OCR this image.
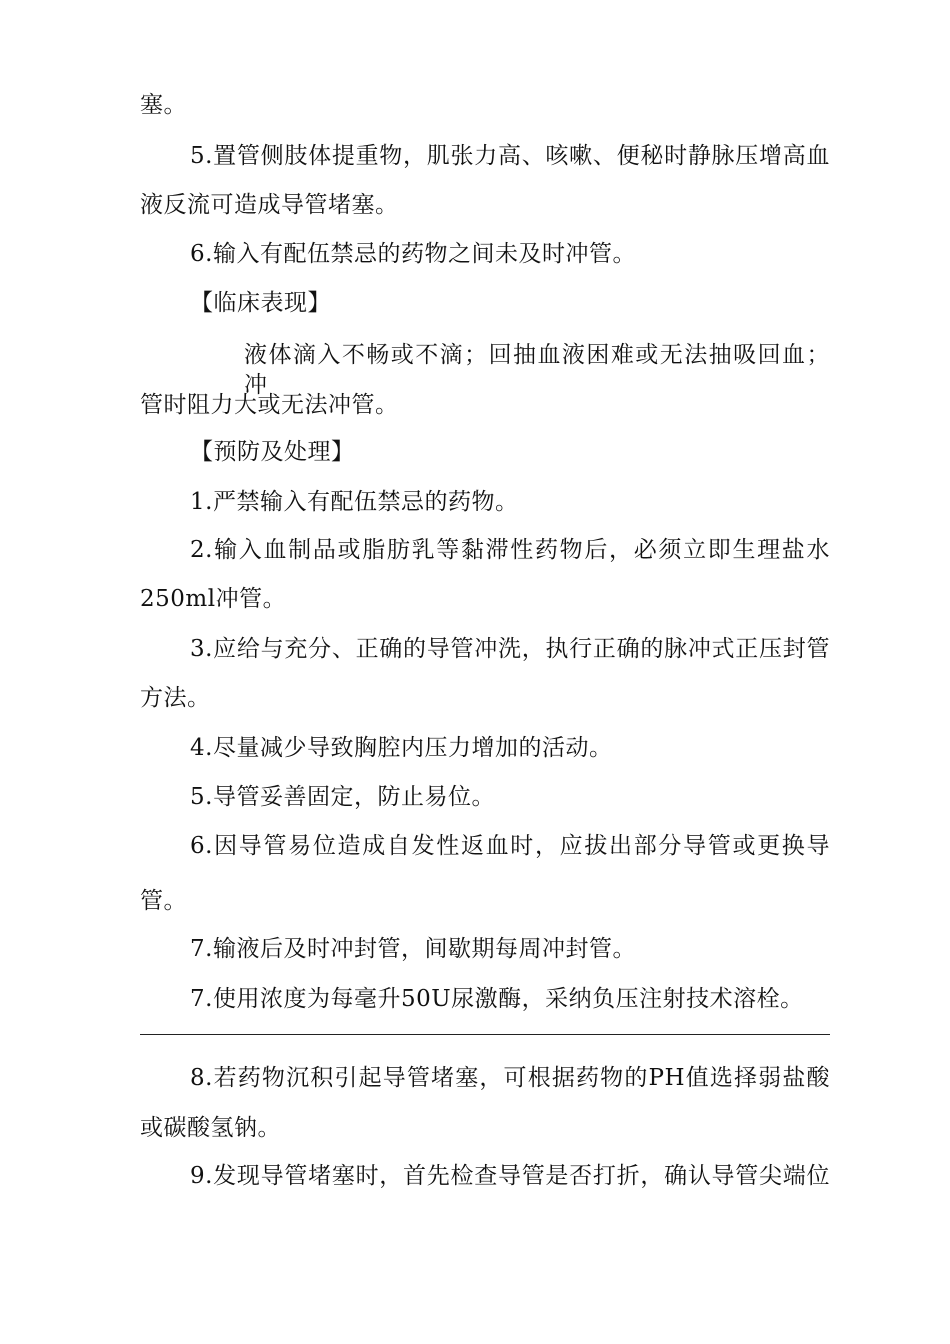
塞。
5.置管侧肢体提重物，肌张力高、咳嗽、便秘时静脉压增高血
液反流可造成导管堵塞。
6.输入有配伍禁忌的药物之间未及时冲管。
【临床表现】
液体滴入不畅或不滴；回抽血液困难或无法抽吸回血；冲
管时阻力大或无法冲管。
【预防及处理】
1.严禁输入有配伍禁忌的药物。
2.输入血制品或脂肪乳等黏滞性药物后，必须立即生理盐水
250ml冲管。
3.应给与充分、正确的导管冲洗，执行正确的脉冲式正压封管
方法。
4.尽量减少导致胸腔内压力增加的活动。
5.导管妥善固定，防止易位。
6.因导管易位造成自发性返血时，应拔出部分导管或更换导
管。
7.输液后及时冲封管，间歇期每周冲封管。
7.使用浓度为每毫升50U尿激酶，采纳负压注射技术溶栓。
8.若药物沉积引起导管堵塞，可根据药物的PH值选择弱盐酸
或碳酸氢钠。
9.发现导管堵塞时，首先检查导管是否打折，确认导管尖端位
